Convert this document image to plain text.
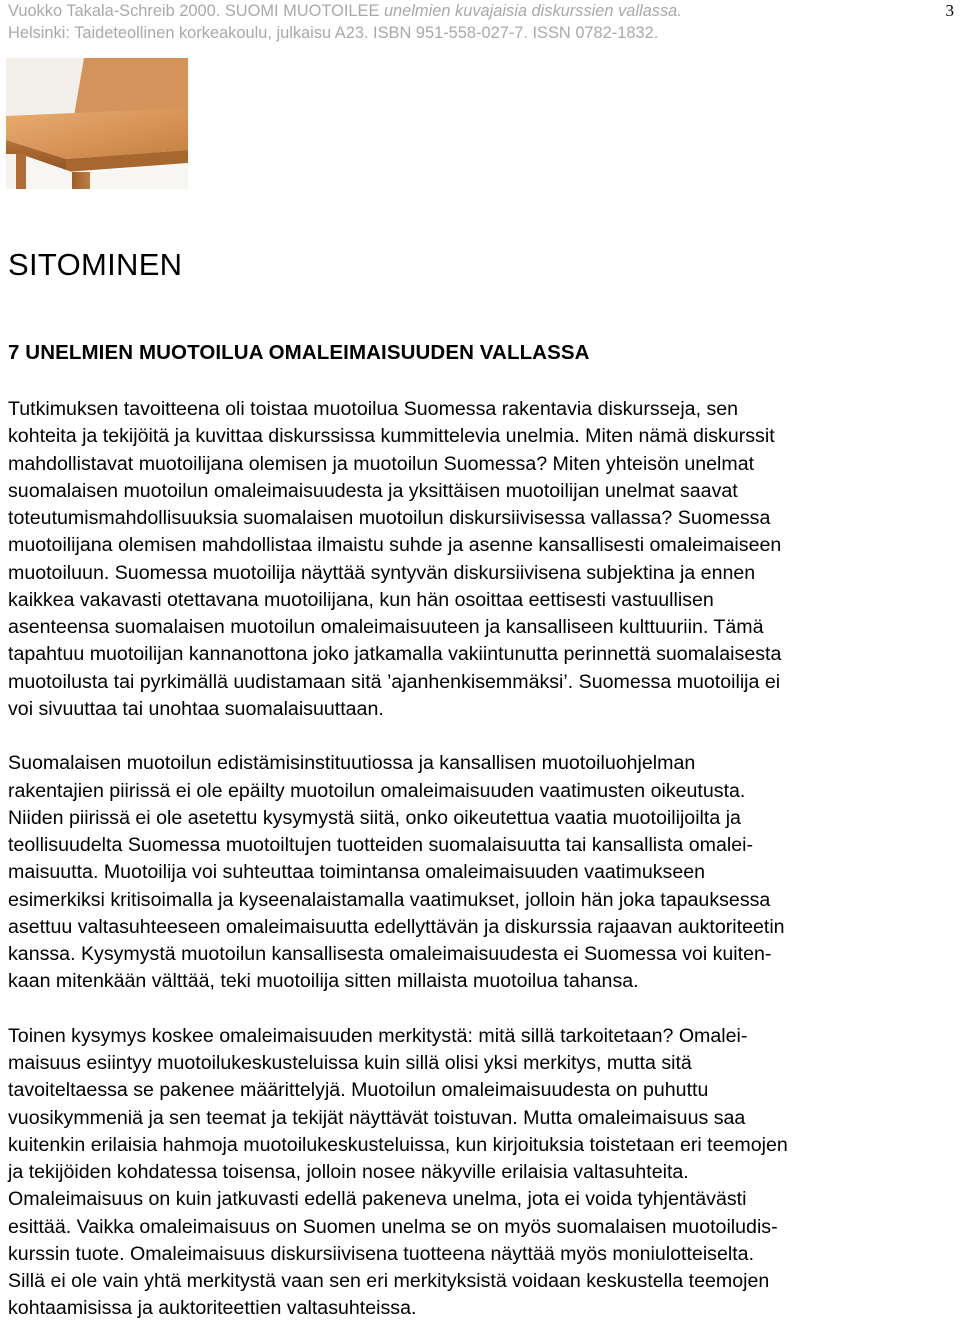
Vuokko Takala-Schreib 2000. SUOMI MUOTOILEE unelmien kuvajaisia diskurssien vallassa.
Helsinki: Taideteollinen korkeakoulu, julkaisu A23. ISBN 951-558-027-7. ISSN 0782-1832.
3
SITOMINEN
7 UNELMIEN MUOTOILUA OMALEIMAISUUDEN VALLASSA

Tutkimuksen tavoitteena oli toistaa muotoilua Suomessa rakentavia diskursseja, sen
kohteita ja tekijöitä ja kuvittaa diskurssissa kummittelevia unelmia. Miten nämä diskurssit
mahdollistavat muotoilijana olemisen ja muotoilun Suomessa? Miten yhteisön unelmat
suomalaisen muotoilun omaleimaisuudesta ja yksittäisen muotoilijan unelmat saavat
toteutumismahdollisuuksia suomalaisen muotoilun diskursiivisessa vallassa? Suomessa
muotoilijana olemisen mahdollistaa ilmaistu suhde ja asenne kansallisesti omaleimaiseen
muotoiluun. Suomessa muotoilija näyttää syntyvän diskursiivisena subjektina ja ennen
kaikkea vakavasti otettavana muotoilijana, kun hän osoittaa eettisesti vastuullisen
asenteensa suomalaisen muotoilun omaleimaisuuteen ja kansalliseen kulttuuriin. Tämä
tapahtuu muotoilijan kannanottona joko jatkamalla vakiintunutta perinnettä suomalaisesta
muotoilusta tai pyrkimällä uudistamaan sitä ’ajanhenkisemmäksi’. Suomessa muotoilija ei
voi sivuuttaa tai unohtaa suomalaisuuttaan.

Suomalaisen muotoilun edistämisinstituutiossa ja kansallisen muotoiluohjelman
rakentajien piirissä ei ole epäilty muotoilun omaleimaisuuden vaatimusten oikeutusta.
Niiden piirissä ei ole asetettu kysymystä siitä, onko oikeutettua vaatia muotoilijoilta ja
teollisuudelta Suomessa muotoiltujen tuotteiden suomalaisuutta tai kansallista omalei-
maisuutta. Muotoilija voi suhteuttaa toimintansa omaleimaisuuden vaatimukseen
esimerkiksi kritisoimalla ja kyseenalaistamalla vaatimukset, jolloin hän joka tapauksessa
asettuu valtasuhteeseen omaleimaisuutta edellyttävän ja diskurssia rajaavan auktoriteetin
kanssa. Kysymystä muotoilun kansallisesta omaleimaisuudesta ei Suomessa voi kuiten-
kaan mitenkään välttää, teki muotoilija sitten millaista muotoilua tahansa.

Toinen kysymys koskee omaleimaisuuden merkitystä: mitä sillä tarkoitetaan? Omalei-
maisuus esiintyy muotoilukeskusteluissa kuin sillä olisi yksi merkitys, mutta sitä
tavoiteltaessa se pakenee määrittelyjä. Muotoilun omaleimaisuudesta on puhuttu
vuosikymmeniä ja sen teemat ja tekijät näyttävät toistuvan. Mutta omaleimaisuus saa
kuitenkin erilaisia hahmoja muotoilukeskusteluissa, kun kirjoituksia toistetaan eri teemojen
ja tekijöiden kohdatessa toisensa, jolloin nosee näkyville erilaisia valtasuhteita.
Omaleimaisuus on kuin jatkuvasti edellä pakeneva unelma, jota ei voida tyhjentävästi
esittää. Vaikka omaleimaisuus on Suomen unelma se on myös suomalaisen muotoiludis-
kurssin tuote. Omaleimaisuus diskursiivisena tuotteena näyttää myös moniulotteiselta.
Sillä ei ole vain yhtä merkitystä vaan sen eri merkityksistä voidaan keskustella teemojen
kohtaamisissa ja auktoriteettien valtasuhteissa.
